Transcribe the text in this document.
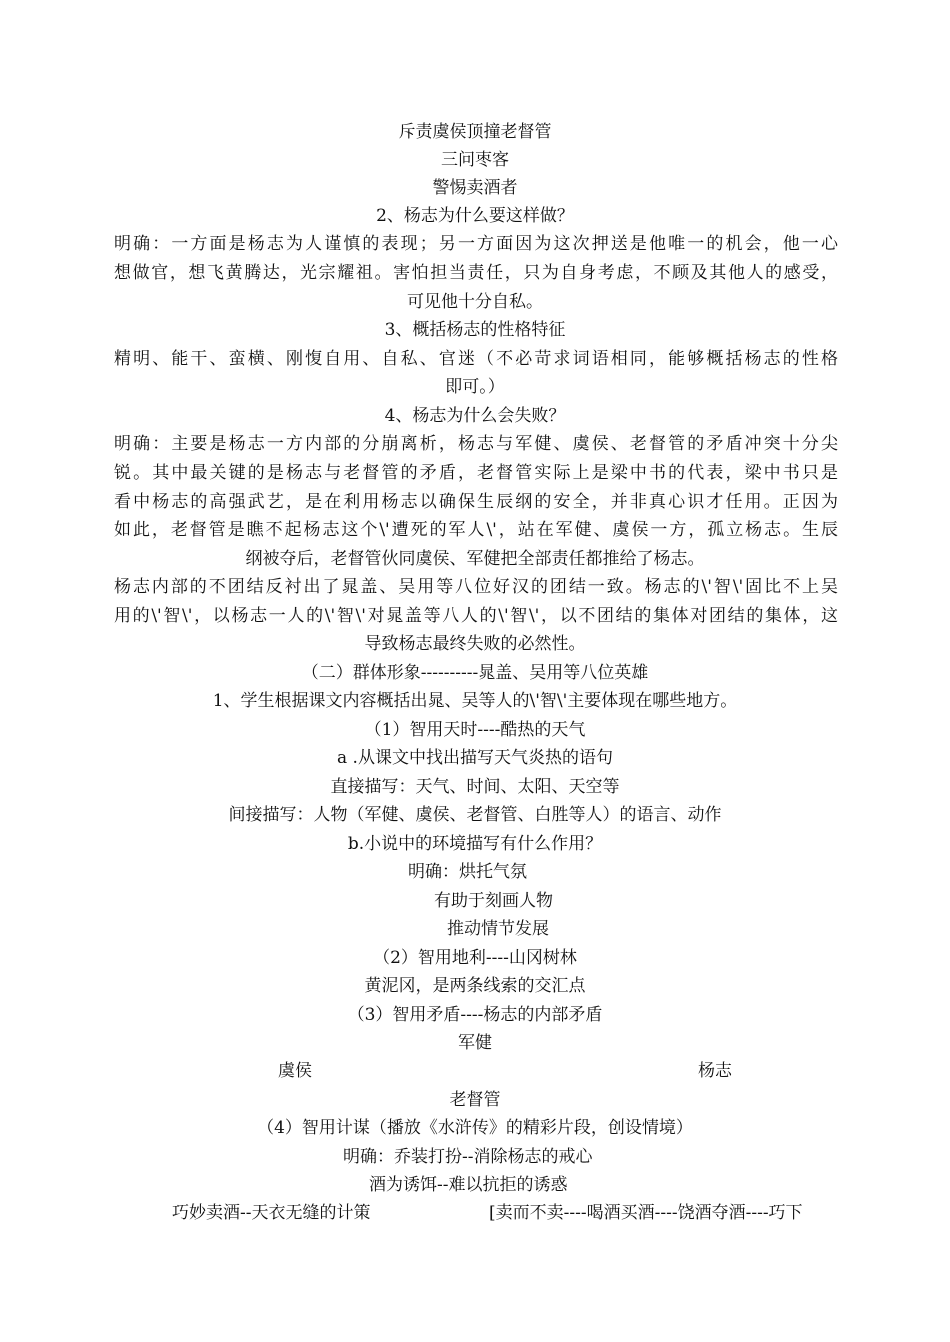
斥责虞侯顶撞老督管
三问枣客
警惕卖酒者
2、杨志为什么要这样做？
明确：一方面是杨志为人谨慎的表现；另一方面因为这次押送是他唯一的机会，他一心
想做官，想飞黄腾达，光宗耀祖。害怕担当责任，只为自身考虑，不顾及其他人的感受，
可见他十分自私。
3、概括杨志的性格特征
精明、能干、蛮横、刚愎自用、自私、官迷（不必苛求词语相同，能够概括杨志的性格
即可。）
4、杨志为什么会失败？
明确：主要是杨志一方内部的分崩离析，杨志与军健、虞侯、老督管的矛盾冲突十分尖
锐。其中最关键的是杨志与老督管的矛盾，老督管实际上是梁中书的代表，梁中书只是
看中杨志的高强武艺，是在利用杨志以确保生辰纲的安全，并非真心识才任用。正因为
如此，老督管是瞧不起杨志这个\'遭死的军人\'，站在军健、虞侯一方，孤立杨志。生辰
纲被夺后，老督管伙同虞侯、军健把全部责任都推给了杨志。
杨志内部的不团结反衬出了晁盖、吴用等八位好汉的团结一致。杨志的\'智\'固比不上吴
用的\'智\'，以杨志一人的\'智\'对晁盖等八人的\'智\'，以不团结的集体对团结的集体，这
导致杨志最终失败的必然性。
（二）群体形象----------晁盖、吴用等八位英雄
1、学生根据课文内容概括出晁、吴等人的\'智\'主要体现在哪些地方。
（1）智用天时----酷热的天气
a .从课文中找出描写天气炎热的语句
直接描写：天气、时间、太阳、天空等
间接描写：人物（军健、虞侯、老督管、白胜等人）的语言、动作
b.小说中的环境描写有什么作用？
明确：烘托气氛
有助于刻画人物
推动情节发展
（2）智用地利----山冈树林
黄泥冈，是两条线索的交汇点
（3）智用矛盾----杨志的内部矛盾
军健
虞侯	杨志
老督管
（4）智用计谋（播放《水浒传》的精彩片段，创设情境）
明确：乔装打扮--消除杨志的戒心
酒为诱饵--难以抗拒的诱惑
巧妙卖酒--天衣无缝的计策	[卖而不卖----喝酒买酒----饶酒夺酒----巧下
